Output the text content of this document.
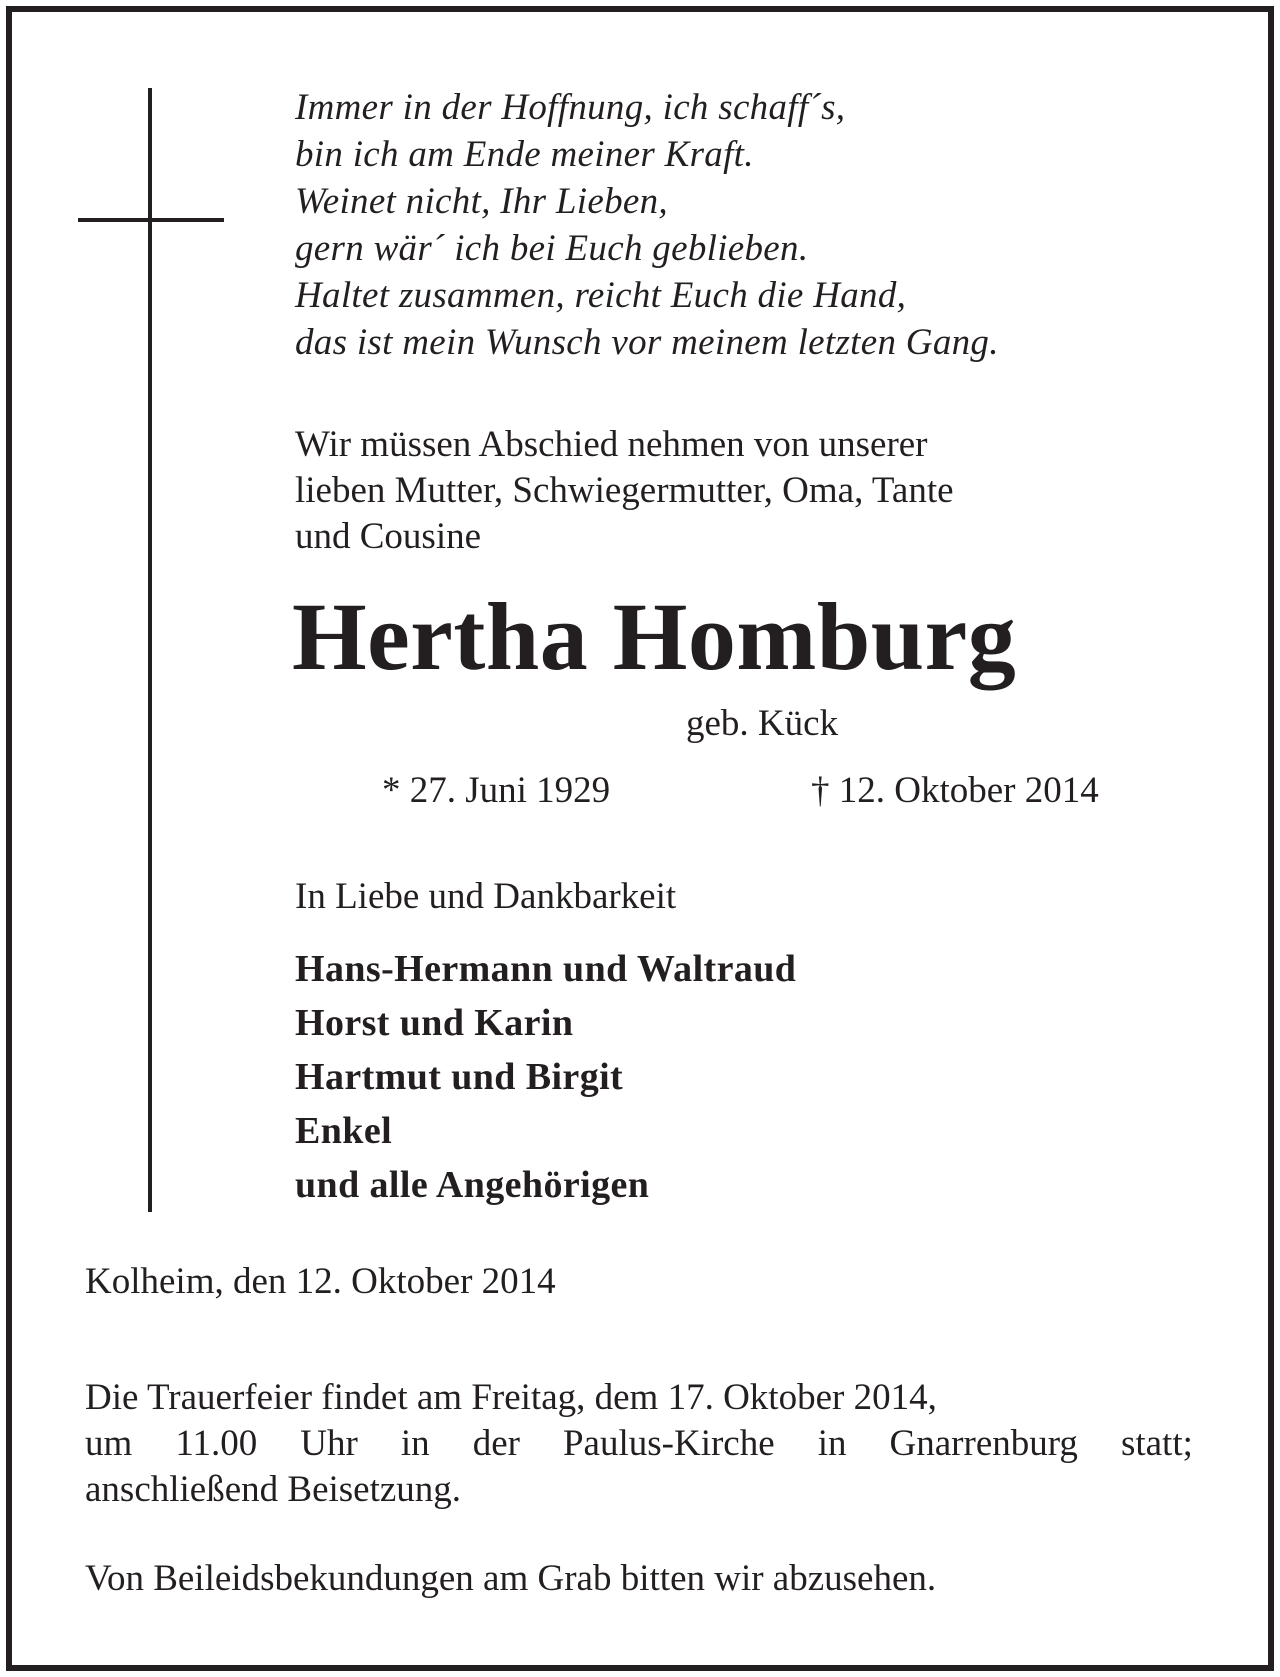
Immer in der Hoffnung, ich schaff´s,
bin ich am Ende meiner Kraft.
Weinet nicht, Ihr Lieben,
gern wär´ ich bei Euch geblieben.
Haltet zusammen, reicht Euch die Hand,
das ist mein Wunsch vor meinem letzten Gang.
Wir müssen Abschied nehmen von unserer
lieben Mutter, Schwiegermutter, Oma, Tante
und Cousine
Hertha Homburg
geb. Kück
* 27. Juni 1929	† 12. Oktober 2014
In Liebe und Dankbarkeit
Hans-Hermann und Waltraud
Horst und Karin
Hartmut und Birgit
Enkel
und alle Angehörigen
Kolheim, den 12. Oktober 2014
Die Trauerfeier findet am Freitag, dem 17. Oktober 2014,
um 11.00 Uhr in der Paulus-Kirche in Gnarrenburg statt;
anschließend Beisetzung.
Von Beileidsbekundungen am Grab bitten wir abzusehen.
